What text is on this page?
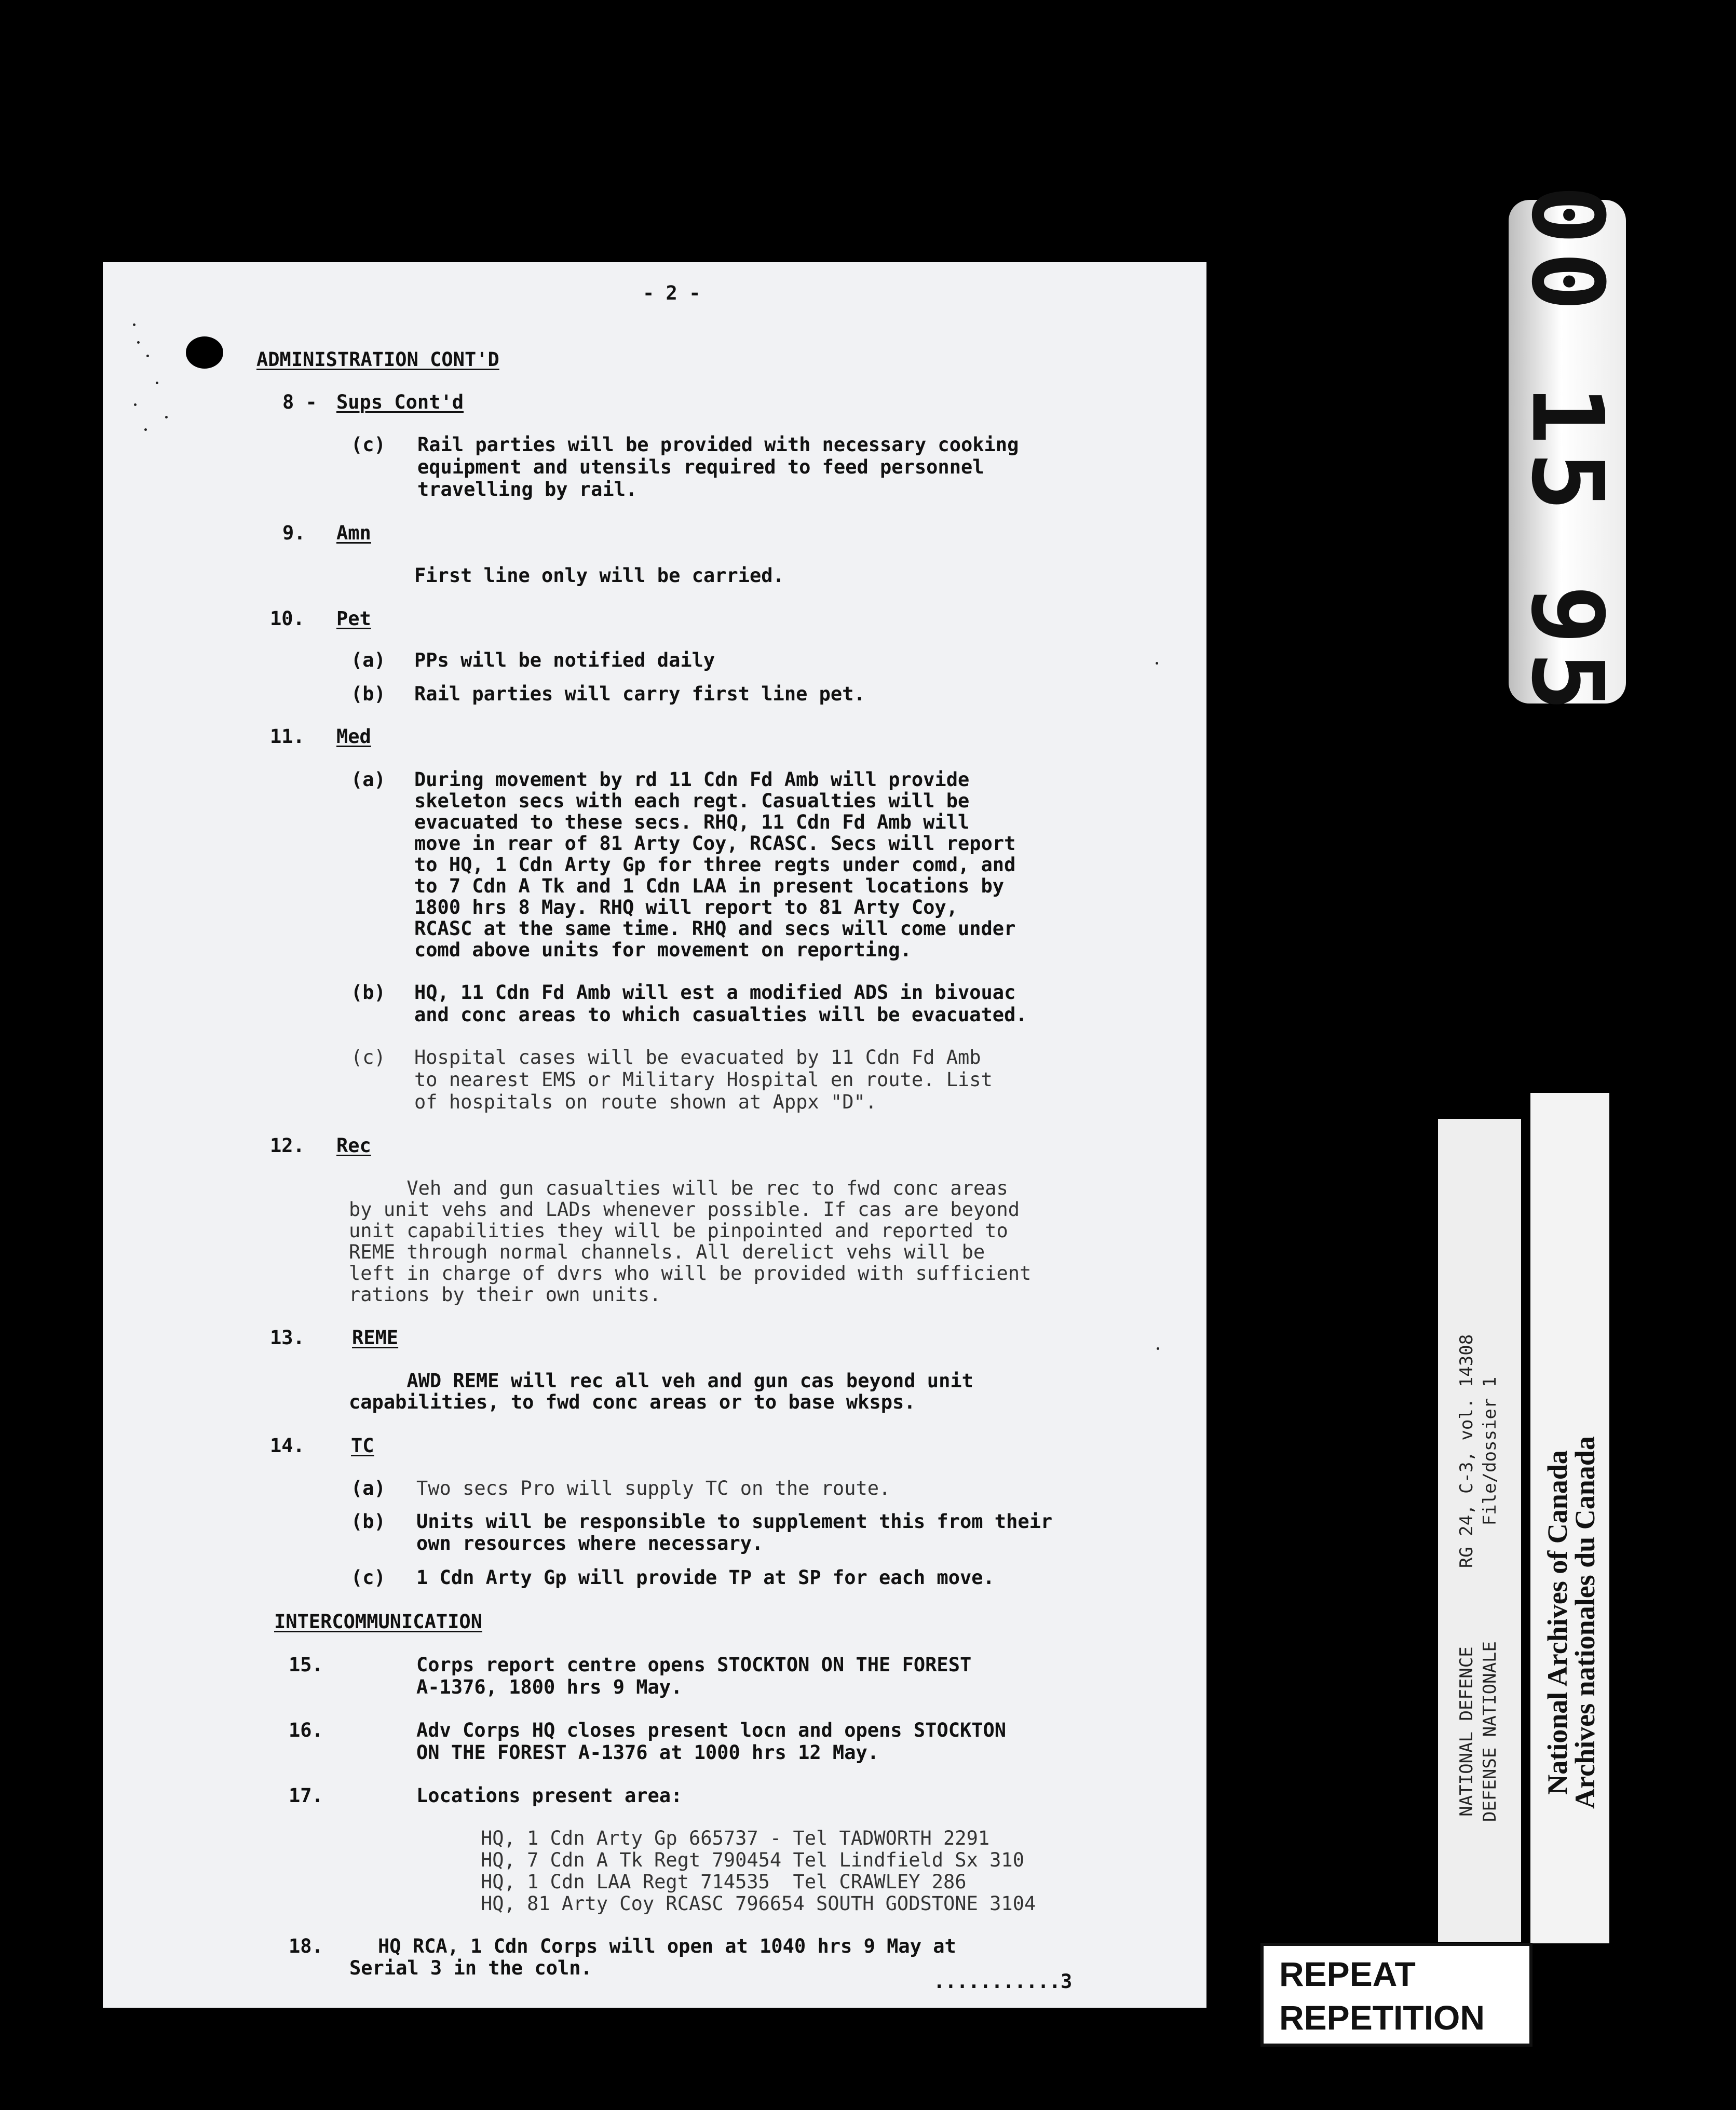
00 15 95
RG 24, C-3, vol. 14308 File/dossier 1
NATIONAL DEFENCE DEFENSE NATIONALE National Archives of Canada
Archives nationales du Canada
REPEAT
REPETITION

- 2 -

ADMINISTRATION CONT'D

8 - Sups Cont'd

(c) Rail parties will be provided with necessary cooking

equipment and utensils required to feed personnel

travelling by rail.

9. Amn

First line only will be carried.

10. Pet

(a) PPs will be notified daily

(b) Rail parties will carry first line pet.

11. Med

(a) During movement by rd 11 Cdn Fd Amb will provide

skeleton secs with each regt. Casualties will be

evacuated to these secs. RHQ, 11 Cdn Fd Amb will

move in rear of 81 Arty Coy, RCASC. Secs will report

to HQ, 1 Cdn Arty Gp for three regts under comd, and

to 7 Cdn A Tk and 1 Cdn LAA in present locations by

1800 hrs 8 May. RHQ will report to 81 Arty Coy,

RCASC at the same time. RHQ and secs will come under

comd above units for movement on reporting.

(b) HQ, 11 Cdn Fd Amb will est a modified ADS in bivouac

and conc areas to which casualties will be evacuated.

(c) Hospital cases will be evacuated by 11 Cdn Fd Amb

to nearest EMS or Military Hospital en route. List

of hospitals on route shown at Appx "D".

12. Rec

Veh and gun casualties will be rec to fwd conc areas

by unit vehs and LADs whenever possible. If cas are beyond

unit capabilities they will be pinpointed and reported to

REME through normal channels. All derelict vehs will be

left in charge of dvrs who will be provided with sufficient

rations by their own units.

13. REME

AWD REME will rec all veh and gun cas beyond unit

capabilities, to fwd conc areas or to base wksps.

14. TC

(a) Two secs Pro will supply TC on the route.

(b) Units will be responsible to supplement this from their

own resources where necessary.

(c) 1 Cdn Arty Gp will provide TP at SP for each move.

INTERCOMMUNICATION

15.	Corps report centre opens STOCKTON ON THE FOREST

A-1376, 1800 hrs 9 May.

16.	Adv Corps HQ closes present locn and opens STOCKTON

ON THE FOREST A-1376 at 1000 hrs 12 May.

17.	Locations present area:

HQ, 1 Cdn Arty Gp 665737 - Tel TADWORTH 2291

HQ, 7 Cdn A Tk Regt 790454 Tel Lindfield Sx 310

HQ, 1 Cdn LAA Regt 714535  Tel CRAWLEY 286

HQ, 81 Arty Coy RCASC 796654 SOUTH GODSTONE 3104

18.	HQ RCA, 1 Cdn Corps will open at 1040 hrs 9 May at

Serial 3 in the coln.

...........3
